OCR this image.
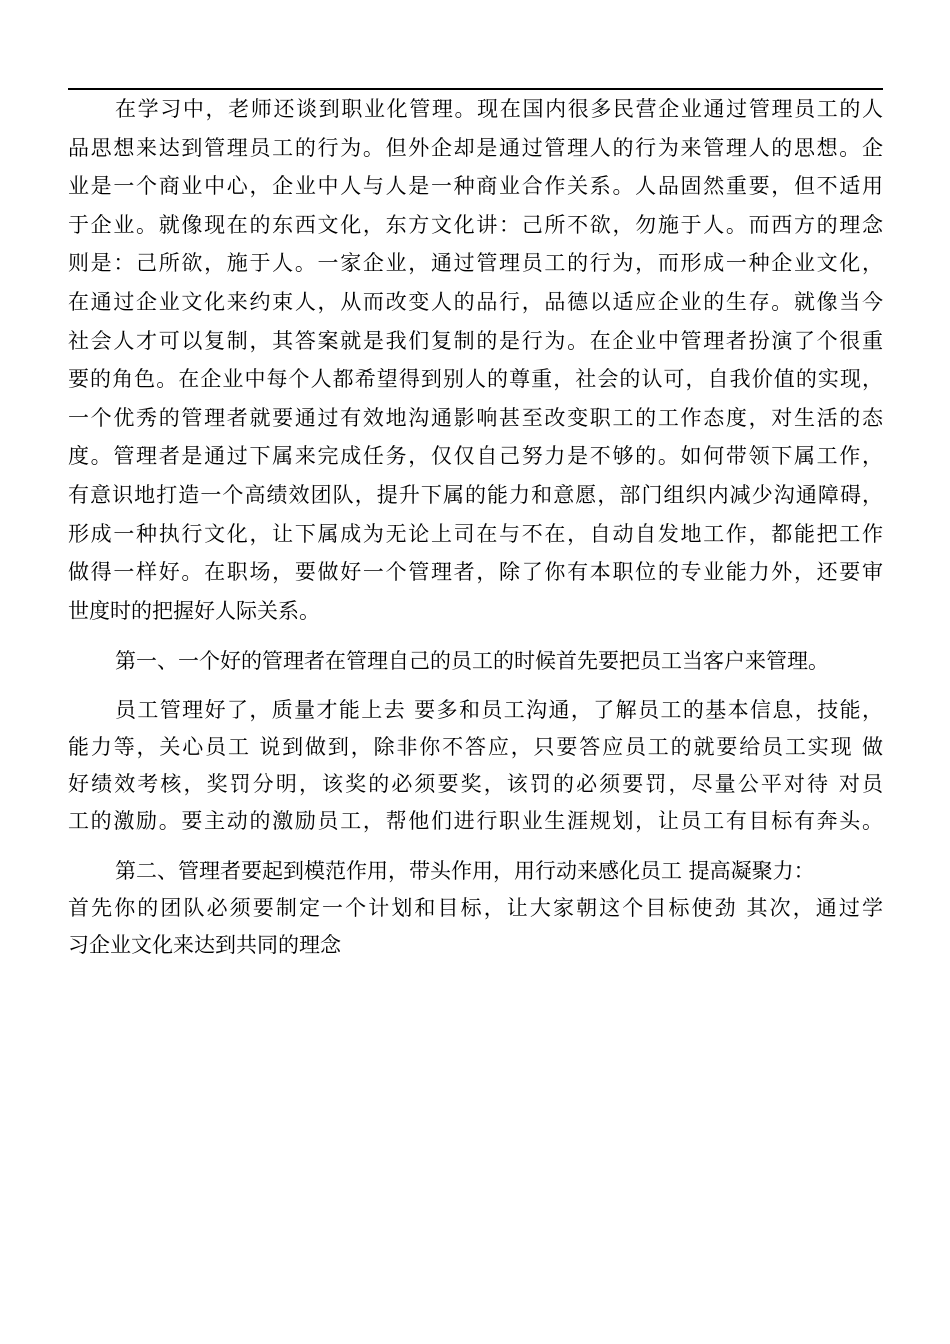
在学习中，老师还谈到职业化管理。现在国内很多民营企业通过管理员工的人
品思想来达到管理员工的行为。但外企却是通过管理人的行为来管理人的思想。企
业是一个商业中心，企业中人与人是一种商业合作关系。人品固然重要，但不适用
于企业。就像现在的东西文化，东方文化讲：己所不欲，勿施于人。而西方的理念
则是：己所欲，施于人。一家企业，通过管理员工的行为，而形成一种企业文化，
在通过企业文化来约束人，从而改变人的品行，品德以适应企业的生存。就像当今
社会人才可以复制，其答案就是我们复制的是行为。在企业中管理者扮演了个很重
要的角色。在企业中每个人都希望得到别人的尊重，社会的认可，自我价值的实现，
一个优秀的管理者就要通过有效地沟通影响甚至改变职工的工作态度，对生活的态
度。管理者是通过下属来完成任务，仅仅自己努力是不够的。如何带领下属工作，
有意识地打造一个高绩效团队，提升下属的能力和意愿，部门组织内减少沟通障碍，
形成一种执行文化，让下属成为无论上司在与不在，自动自发地工作，都能把工作
做得一样好。在职场，要做好一个管理者，除了你有本职位的专业能力外，还要审
世度时的把握好人际关系。
第一、一个好的管理者在管理自己的员工的时候首先要把员工当客户来管理。
员工管理好了，质量才能上去 要多和员工沟通，了解员工的基本信息，技能，
能力等，关心员工 说到做到，除非你不答应，只要答应员工的就要给员工实现 做
好绩效考核，奖罚分明，该奖的必须要奖，该罚的必须要罚，尽量公平对待 对员
工的激励。要主动的激励员工，帮他们进行职业生涯规划，让员工有目标有奔头。
第二、管理者要起到模范作用，带头作用，用行动来感化员工 提高凝聚力：
首先你的团队必须要制定一个计划和目标，让大家朝这个目标使劲 其次，通过学
习企业文化来达到共同的理念
